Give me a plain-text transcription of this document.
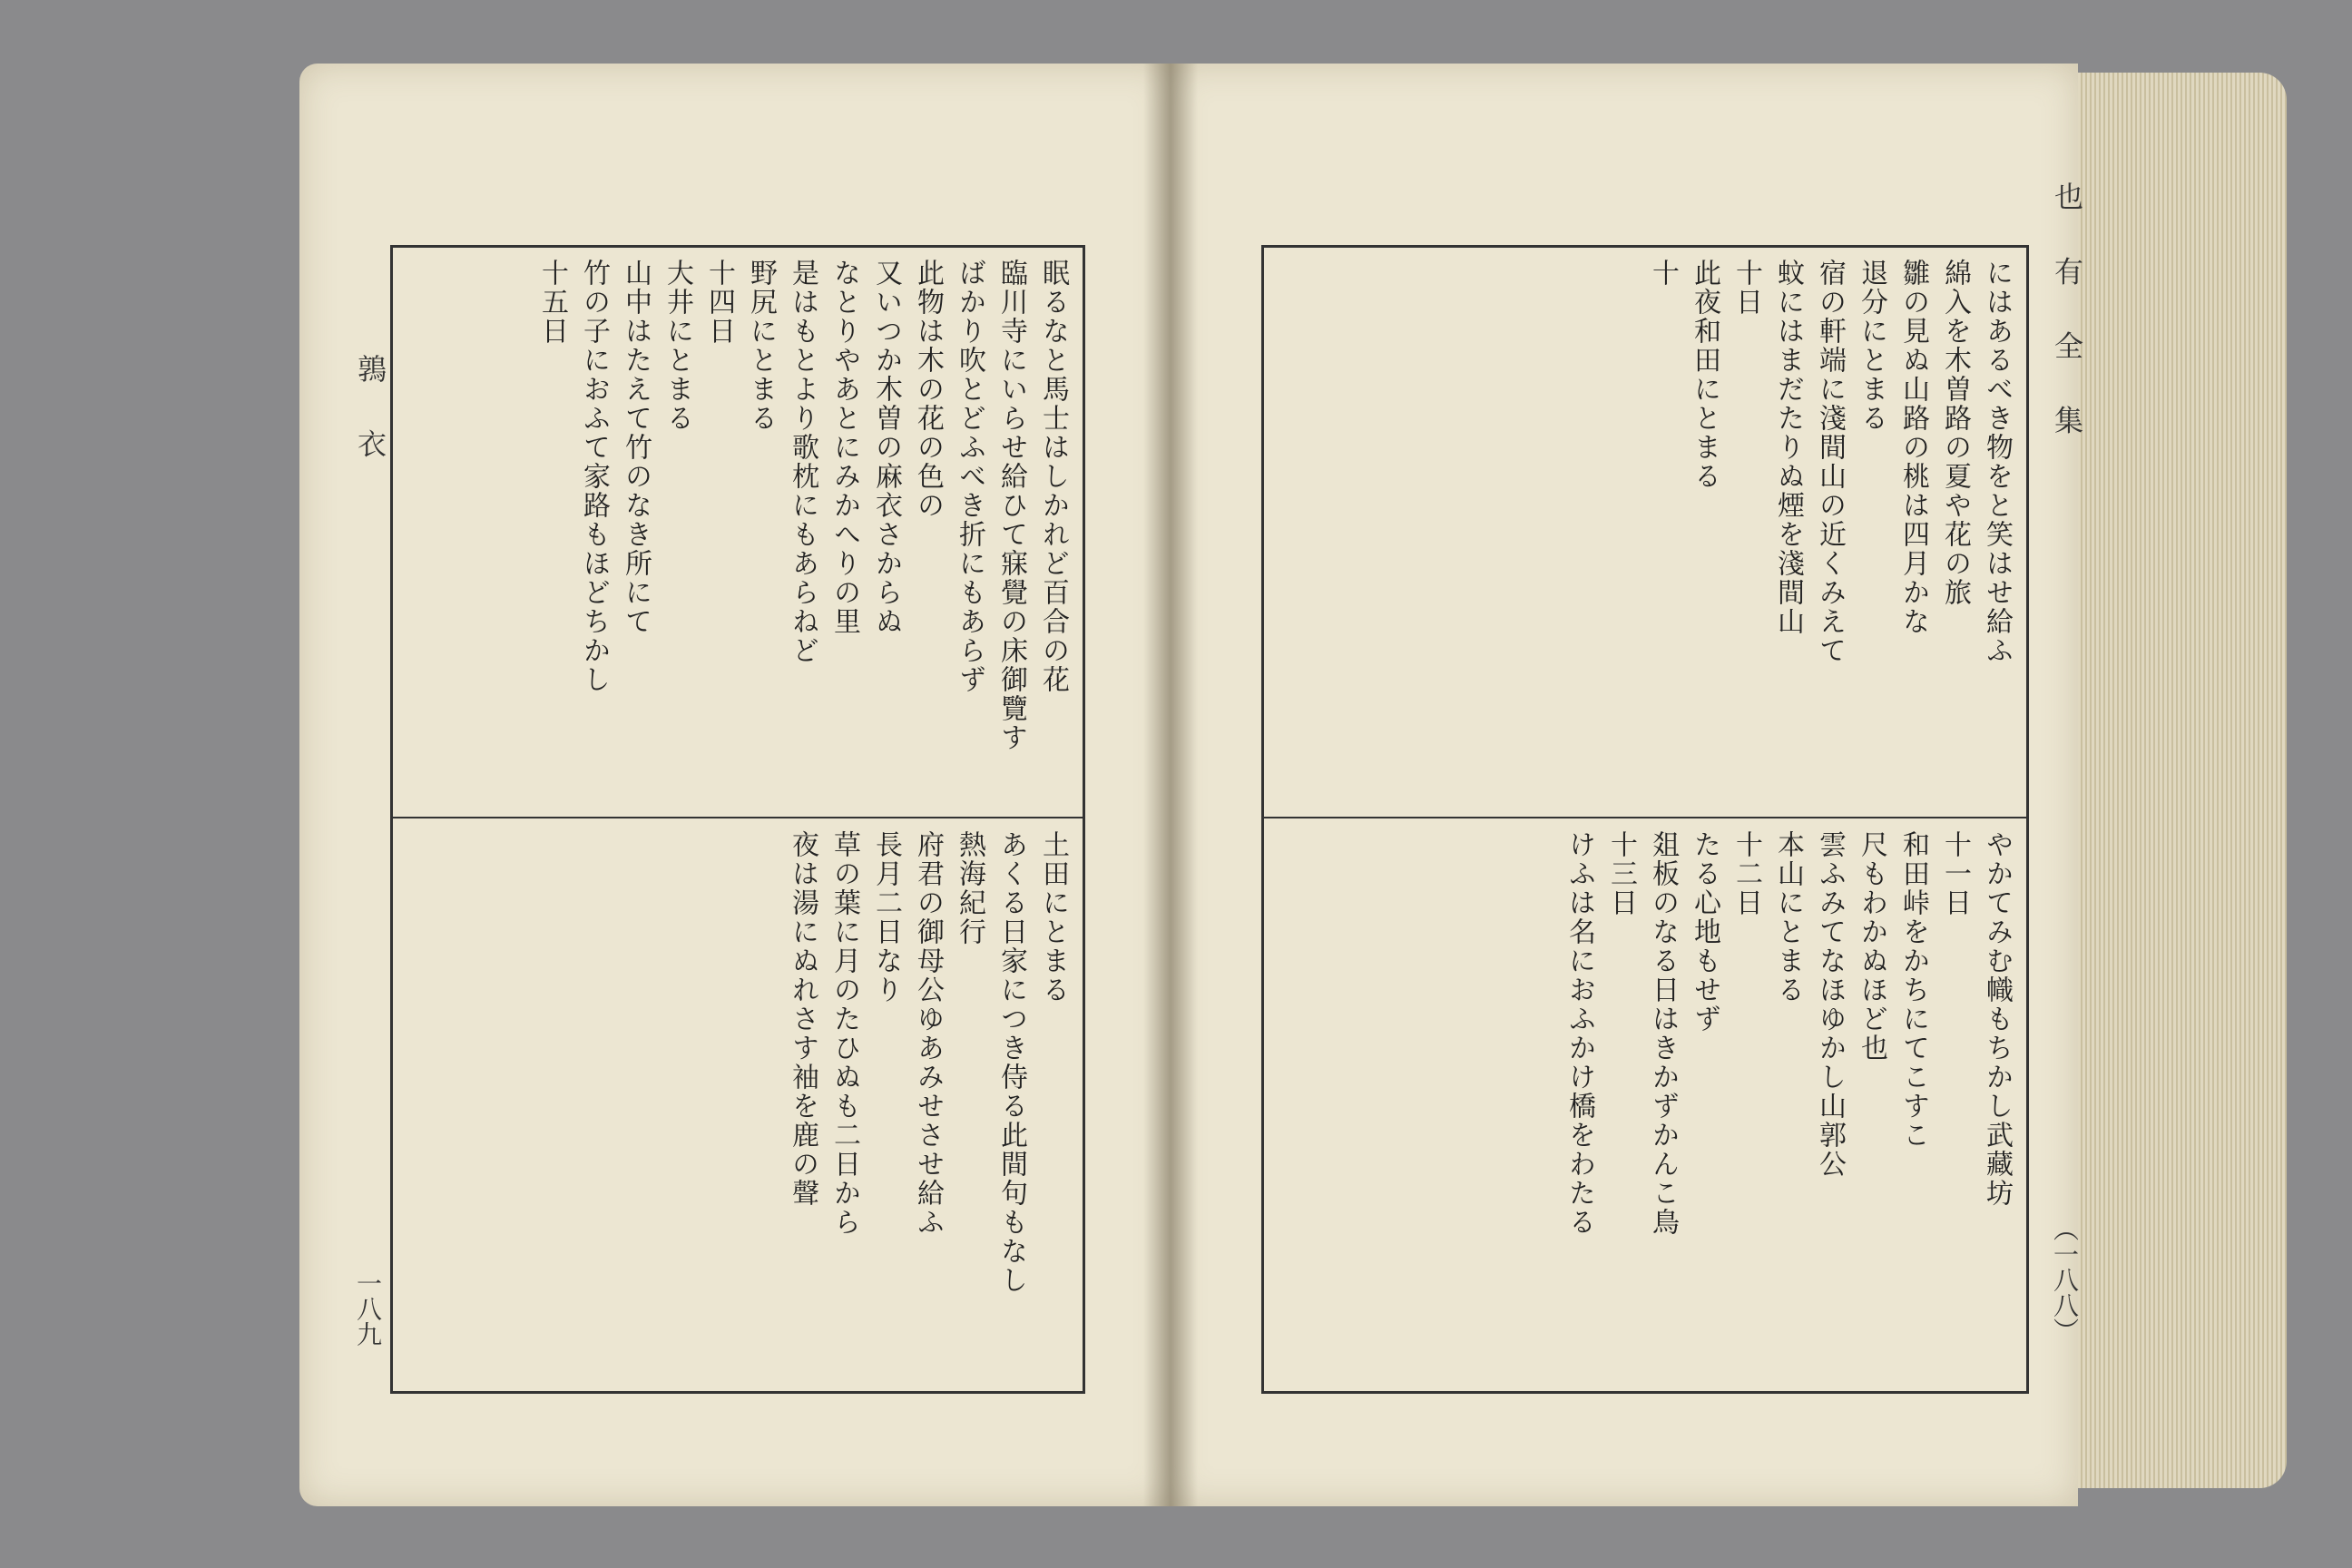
鶉 衣
一八九
也 有 全 集
（一八八）
眠るなと馬士はしかれど百合の花
臨川寺にいらせ給ひて寐覺の床御覽す
ばかり吹とどふべき折にもあらず
此物は木の花の色の
又いつか木曽の麻衣さからぬ
なとりやあとにみかへりの里
是はもとより歌枕にもあらねど
野尻にとまる
十四日
大井にとまる
山中はたえて竹のなき所にて
竹の子におふて家路もほどちかし
十五日
土田にとまる
あくる日家につき侍る此間句もなし
熱海紀行
府君の御母公ゆあみせさせ給ふ
長月二日なり
草の葉に月のたひぬも二日から
夜は湯にぬれさす袖を鹿の聲
にはあるべき物をと笑はせ給ふ
綿入を木曽路の夏や花の旅
雛の見ぬ山路の桃は四月かな
退分にとまる
宿の軒端に淺間山の近くみえて
蚊にはまだたりぬ煙を淺間山
十日
此夜和田にとまる
十
やかてみむ幟もちかし武藏坊
十一日
和田峠をかちにてこすこ
尺もわかぬほど也
雲ふみてなほゆかし山郭公
本山にとまる
十二日
たる心地もせず
爼板のなる日はきかずかんこ鳥
十三日
けふは名におふかけ橋をわたる
